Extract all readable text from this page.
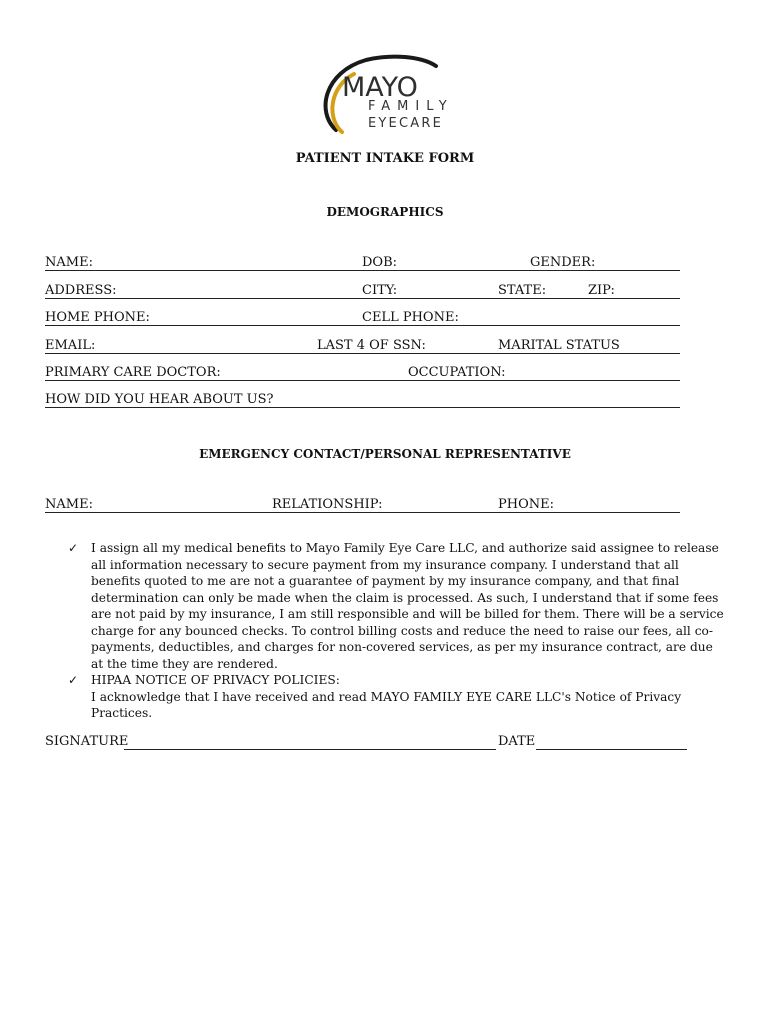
MAYO
FAMILY
EYECARE
PATIENT INTAKE FORM
DEMOGRAPHICS
NAME:	DOB:	GENDER:
ADDRESS:	CITY:	STATE:	ZIP:
HOME PHONE:	CELL PHONE:
EMAIL:	LAST 4 OF SSN:	MARITAL STATUS
PRIMARY CARE DOCTOR:	OCCUPATION:
HOW DID YOU HEAR ABOUT US?
EMERGENCY CONTACT/PERSONAL REPRESENTATIVE
NAME:	RELATIONSHIP:	PHONE:
✓ I assign all my medical benefits to Mayo Family Eye Care LLC, and authorize said assignee to release all information necessary to secure payment from my insurance company. I understand that all benefits quoted to me are not a guarantee of payment by my insurance company, and that final determination can only be made when the claim is processed. As such, I understand that if some fees are not paid by my insurance, I am still responsible and will be billed for them. There will be a service charge for any bounced checks. To control billing costs and reduce the need to raise our fees, all co-payments, deductibles, and charges for non-covered services, as per my insurance contract, are due at the time they are rendered.
✓ HIPAA NOTICE OF PRIVACY POLICIES:
I acknowledge that I have received and read MAYO FAMILY EYE CARE LLC's Notice of Privacy Practices.
SIGNATURE	DATE
